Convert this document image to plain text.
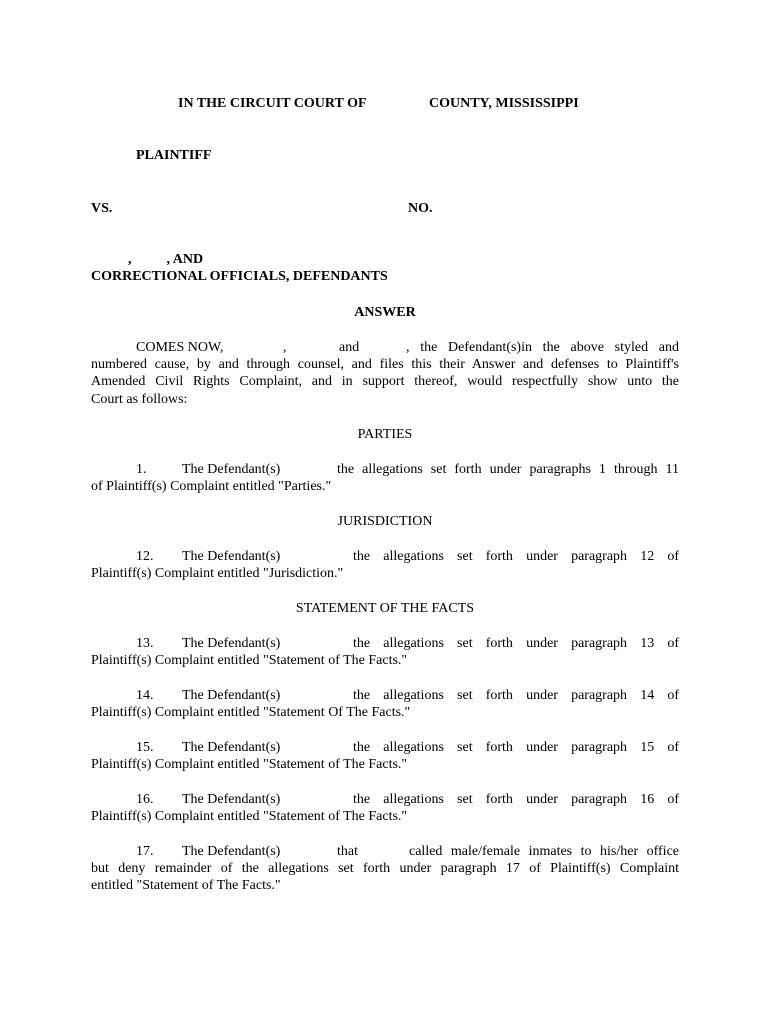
IN THE CIRCUIT COURT OF	COUNTY, MISSISSIPPI
PLAINTIFF
VS.	NO.
,          , AND
CORRECTIONAL OFFICIALS, DEFENDANTS
ANSWER
COMES NOW,	,	and	, the Defendant(s)in the above styled and
numbered cause, by and through counsel, and files this their Answer and defenses to Plaintiff's
Amended Civil Rights Complaint, and in support thereof, would respectfully show unto the
Court as follows:
PARTIES
1.	The Defendant(s)	the allegations set forth under paragraphs 1 through 11
of Plaintiff(s) Complaint entitled "Parties."
JURISDICTION
12. The Defendant(s)	the allegations set forth under paragraph 12 of
Plaintiff(s) Complaint entitled "Jurisdiction."
STATEMENT OF THE FACTS
13. The Defendant(s)	the allegations set forth under paragraph 13 of
Plaintiff(s) Complaint entitled "Statement of The Facts."
14. The Defendant(s)	the allegations set forth under paragraph 14 of
Plaintiff(s) Complaint entitled "Statement Of The Facts."
15. The Defendant(s)	the allegations set forth under paragraph 15 of
Plaintiff(s) Complaint entitled "Statement of The Facts."
16. The Defendant(s)	the allegations set forth under paragraph 16 of
Plaintiff(s) Complaint entitled "Statement of The Facts."
17. The Defendant(s)	that	called male/female inmates to his/her office
but deny remainder of the allegations set forth under paragraph 17 of Plaintiff(s) Complaint
entitled "Statement of The Facts."
